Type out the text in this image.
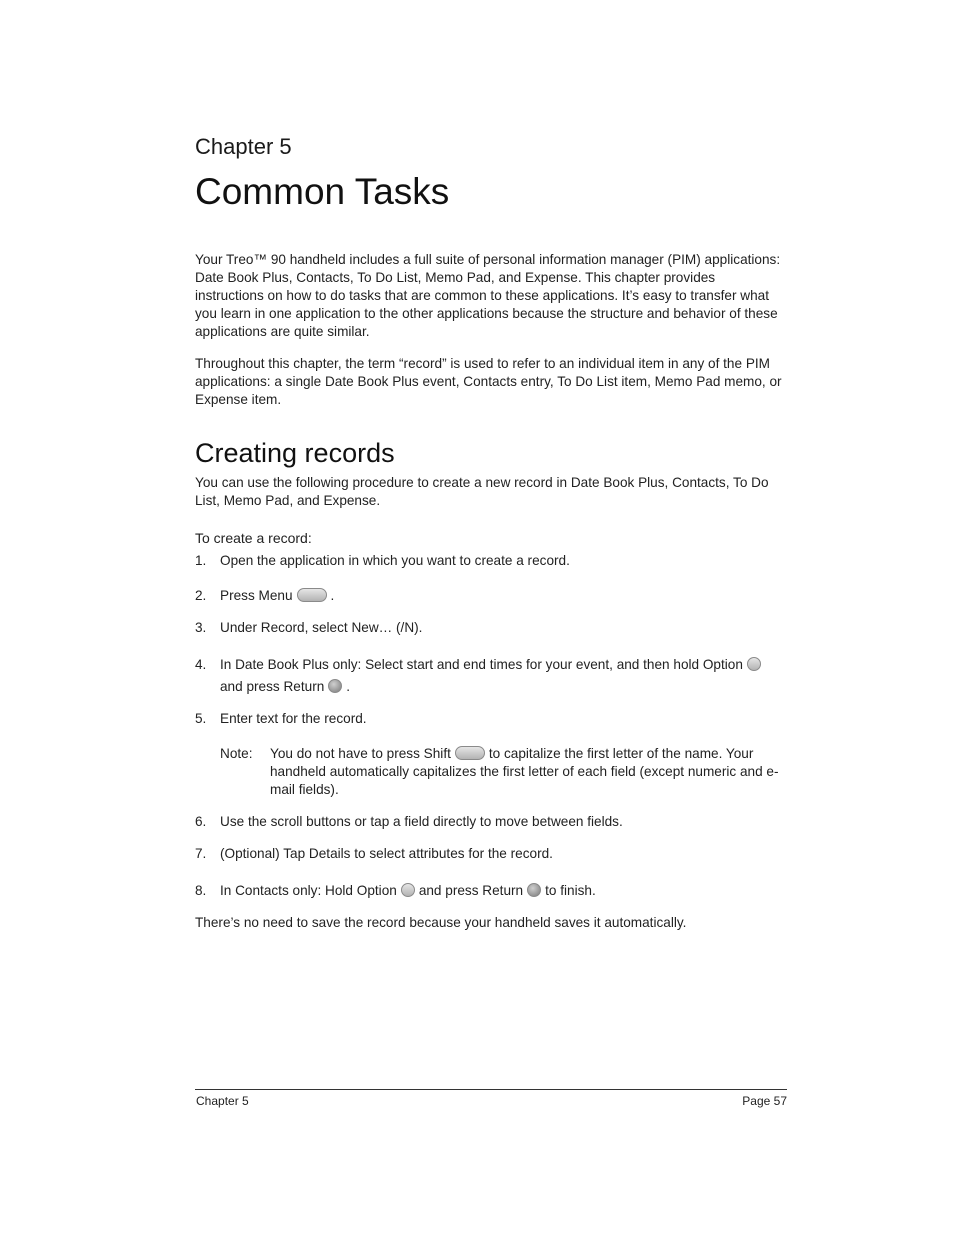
Chapter 5
Common Tasks
Your Treo™ 90 handheld includes a full suite of personal information manager (PIM) applications: Date Book Plus, Contacts, To Do List, Memo Pad, and Expense. This chapter provides instructions on how to do tasks that are common to these applications. It’s easy to transfer what you learn in one application to the other applications because the structure and behavior of these applications are quite similar.
Throughout this chapter, the term “record” is used to refer to an individual item in any of the PIM applications: a single Date Book Plus event, Contacts entry, To Do List item, Memo Pad memo, or Expense item.
Creating records
You can use the following procedure to create a new record in Date Book Plus, Contacts, To Do List, Memo Pad, and Expense.
To create a record:
1. Open the application in which you want to create a record.
2. Press Menu	.
3. Under Record, select New… (/N).
4. In Date Book Plus only: Select start and end times for your event, and then hold Optionand press Return .
5. Enter text for the record.
Note: You do not have to press Shift	to capitalize the first letter of the name. Your handheld automatically capitalizes the first letter of each field (except numeric and e-mail fields).
6. Use the scroll buttons or tap a field directly to move between fields.
7. (Optional) Tap Details to select attributes for the record.
8. In Contacts only: Hold Option and press Return to finish.
There’s no need to save the record because your handheld saves it automatically.
Chapter 5	Page 57
